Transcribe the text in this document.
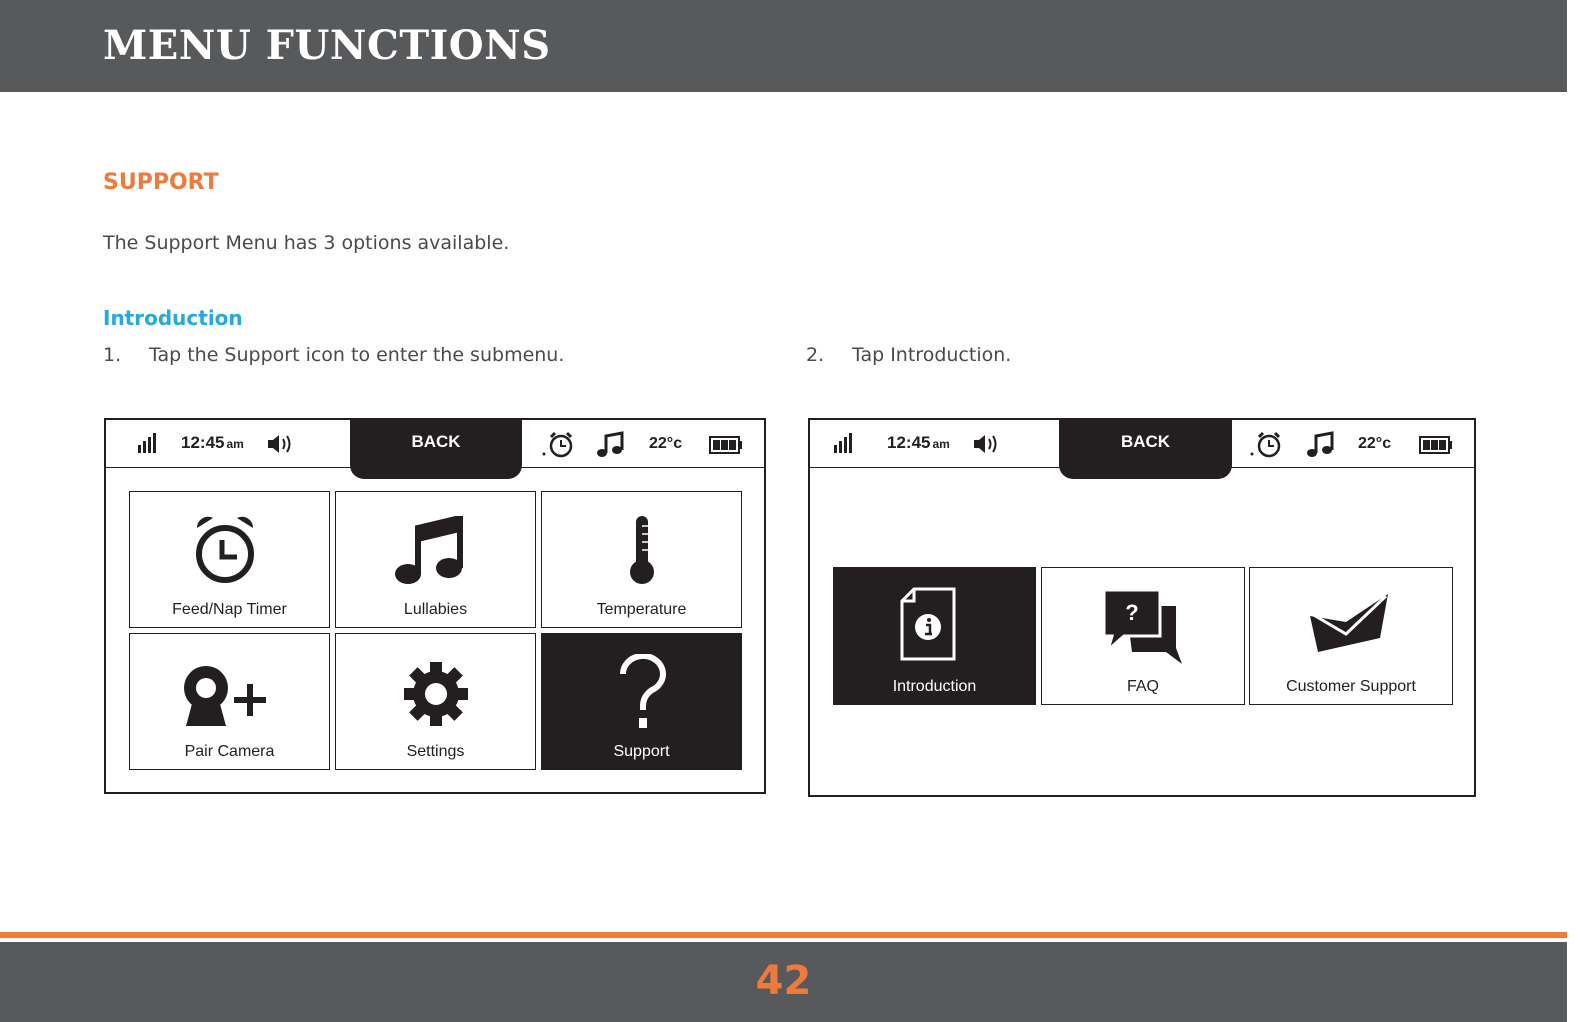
MENU FUNCTIONS
SUPPORT
The Support Menu has 3 options available.
Introduction
1. Tap the Support icon to enter the submenu.	2. Tap Introduction.
12:45 am	BACK	22°c
Feed/Nap Timer	Lullabies	Temperature
Pair Camera	Settings	Support
12:45 am	BACK	22°c
Introduction
?
FAQ	Customer Support
42
